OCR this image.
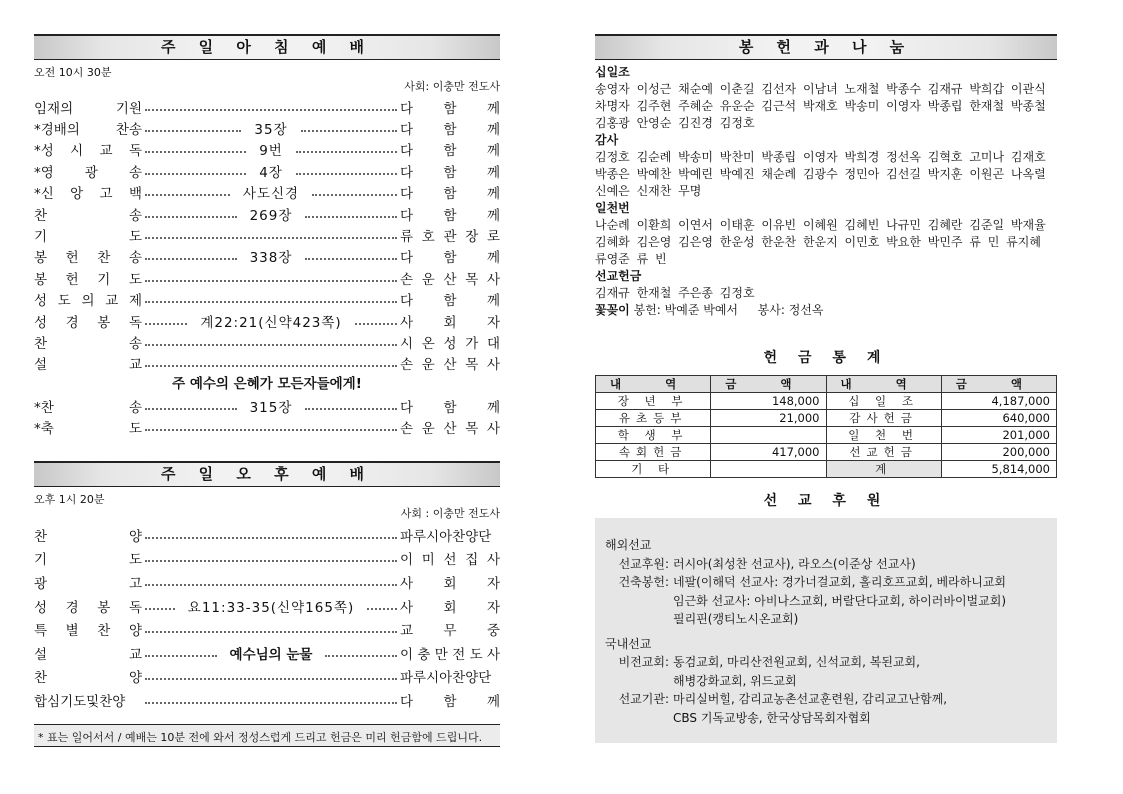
주 일 아 침 예 배
오전 10시 30분
사회: 이충만 전도사
임재의 기원	다 함 께
*경배의 찬송	35장	다 함 께
*성 시 교 독	9번	다 함 께
*영 광 송	4장	다 함 께
*신 앙 고 백	사도신경	다 함 께
찬 송	269장	다 함 께
기 도	류 호 관 장 로
봉 헌 찬 송	338장	다 함 께
봉 헌 기 도	손 운 산 목 사
성 도 의 교 제	다 함 께
성 경 봉 독	계22:21(신약423쪽)	사 회 자
찬 송	시 온 성 가 대
설 교	손 운 산 목 사
주 예수의 은혜가 모든자들에게!
*찬 송	315장	다 함 께
*축 도	손 운 산 목 사
주 일 오 후 예 배
오후 1시 20분
사회 : 이충만 전도사
찬 양	파루시아찬양단
기 도	이 미 선 집 사
광 고	사 회 자
성 경 봉 독	요11:33-35(신약165쪽)	사 회 자
특 별 찬 양	교 무 중
설 교	예수님의 눈물	이 충 만 전 도 사
찬 양	파루시아찬양단
합심기도및찬양	다 함 께
* 표는 일어서서 / 예배는 10분 전에 와서 정성스럽게 드리고 헌금은 미리 헌금함에 드립니다.
봉 헌 과 나 눔
십일조

송영자 이성근 채순예 이춘길 김선자 이남녀 노재철 박종수 김재규 박희갑 이관식 차명자 김주현 주혜순 유운순 김근석 박재호 박송미 이영자 박종립 한재철 박종철 김홍광 안영순 김진경 김정호

감사

김정호 김순례 박송미 박찬미 박종립 이영자 박희경 정선옥 김혁호 고미나 김재호 박종은 박예찬 박예린 박예진 채순례 김광수 정민아 김선길 박지훈 이원곤 나옥렬 신예은 신재찬 무명

일천번

나순례 이환희 이연서 이태훈 이유빈 이혜원 김혜빈 나규민 김혜란 김준일 박재율 김혜화 김은영 김은영 한운성 한운찬 한운지 이민호 박요한 박민주 류 민 류지혜 류영준 류 빈

선교헌금

김재규 한재철 주은종 김정호

꽃꽂이 봉헌: 박예준 박예서 　 봉사: 정선옥
헌 금 통 계
내 역	금 액	내 역	금 액
장 년 부	148,000	십 일 조	4,187,000
유초등부	21,000	감사헌금	640,000
학 생 부		일 천 번	201,000
속회헌금	417,000	선교헌금	200,000
기 타		계	5,814,000
선 교 후 원
해외선교
선교후원: 러시아(최성찬 선교사), 라오스(이준상 선교사)
건축봉헌: 네팔(이해덕 선교사: 경가너걸교회, 홀리호프교회, 베라하니교회
임근화 선교사: 아비나스교회, 버랄단다교회, 하이러바이벌교회)
필리핀(캥티노시온교회)
국내선교
비전교회: 동검교회, 마리산전원교회, 신석교회, 복된교회,
해병강화교회, 위드교회
선교기관: 마리실버힐, 감리교농촌선교훈련원, 감리교고난함께,
CBS 기독교방송, 한국상담목회자협회
